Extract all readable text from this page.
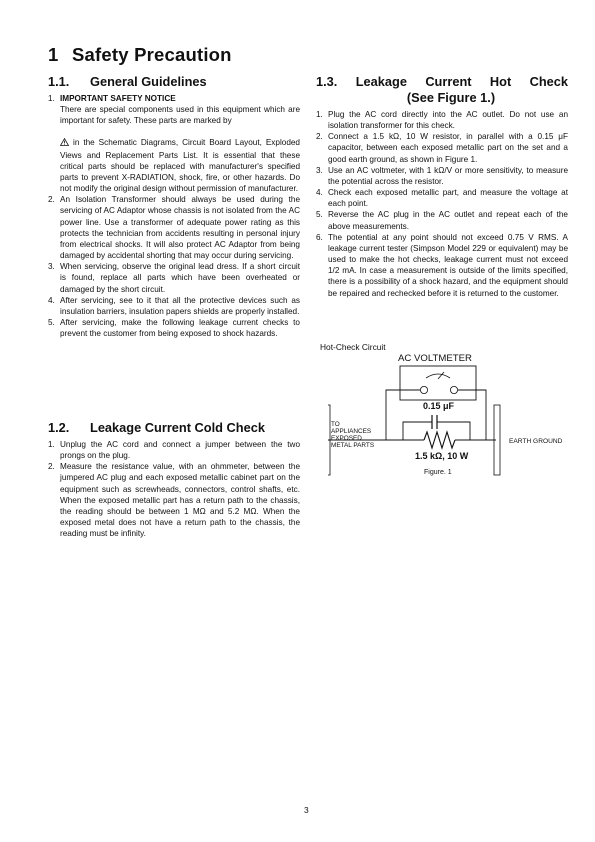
1 Safety Precaution
1.1. General Guidelines
1. IMPORTANT SAFETY NOTICE
There are special components used in this equipment which are important for safety. These parts are marked by
in the Schematic Diagrams, Circuit Board Layout, Exploded Views and Replacement Parts List. It is essential that these critical parts should be replaced with manufacturer's specified parts to prevent X-RADIATION, shock, fire, or other hazards. Do not modify the original design without permission of manufacturer.
2. An Isolation Transformer should always be used during the servicing of AC Adaptor whose chassis is not isolated from the AC power line. Use a transformer of adequate power rating as this protects the technician from accidents resulting in personal injury from electrical shocks. It will also protect AC Adaptor from being damaged by accidental shorting that may occur during servicing.
3. When servicing, observe the original lead dress. If a short circuit is found, replace all parts which have been overheated or damaged by the short circuit.
4. After servicing, see to it that all the protective devices such as insulation barriers, insulation papers shields are properly installed.
5. After servicing, make the following leakage current checks to prevent the customer from being exposed to shock hazards.
1.2. Leakage Current Cold Check
1. Unplug the AC cord and connect a jumper between the two prongs on the plug.
2. Measure the resistance value, with an ohmmeter, between the jumpered AC plug and each exposed metallic cabinet part on the equipment such as screwheads, connectors, control shafts, etc. When the exposed metallic part has a return path to the chassis, the reading should be between 1 MΩ and 5.2 MΩ. When the exposed metal does not have a return path to the chassis, the reading must be infinity.
1.3. Leakage Current Hot Check
(See Figure 1.)
1. Plug the AC cord directly into the AC outlet. Do not use an isolation transformer for this check.
2. Connect a 1.5 kΩ, 10 W resistor, in parallel with a 0.15 μF capacitor, between each exposed metallic part on the set and a good earth ground, as shown in Figure 1.
3. Use an AC voltmeter, with 1 kΩ/V or more sensitivity, to measure the potential across the resistor.
4. Check each exposed metallic part, and measure the voltage at each point.
5. Reverse the AC plug in the AC outlet and repeat each of the above measurements.
6. The potential at any point should not exceed 0.75 V RMS. A leakage current tester (Simpson Model 229 or equivalent) may be used to make the hot checks, leakage current must not exceed 1/2 mA. In case a measurement is outside of the limits specified, there is a possibility of a shock hazard, and the equipment should be repaired and rechecked before it is returned to the customer.
Hot-Check Circuit
AC VOLTMETER
0.15 μF
1.5 kΩ, 10 W
TO
APPLIANCES
EXPOSED
METAL PARTS
EARTH GROUND
Figure. 1
3
